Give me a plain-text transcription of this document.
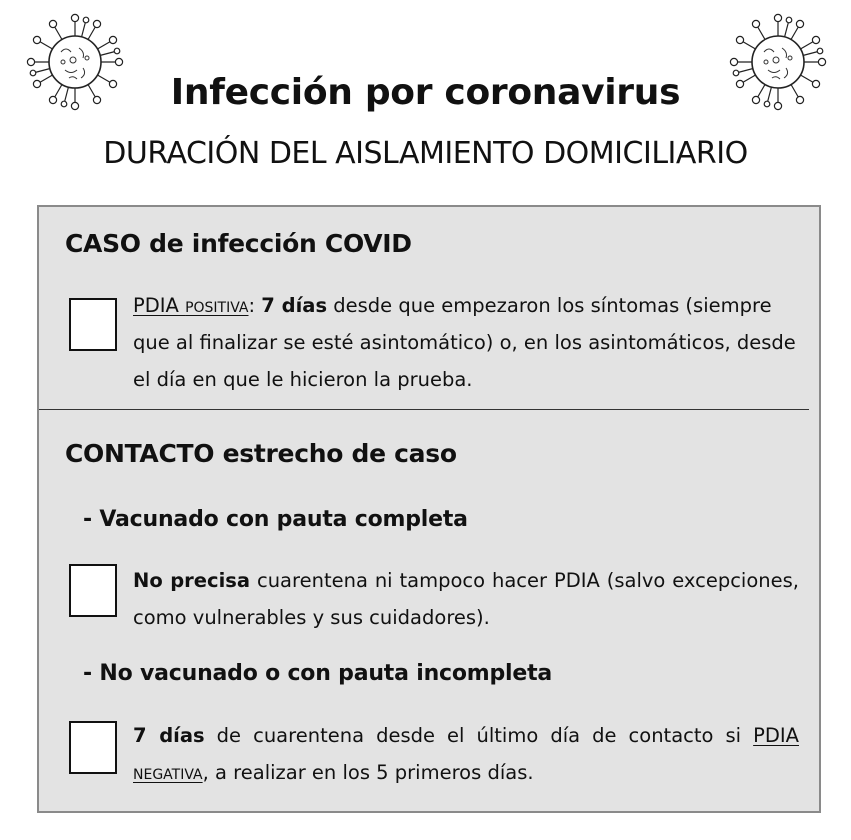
Infección por coronavirus
DURACIÓN DEL AISLAMIENTO DOMICILIARIO
CASO de infección COVID
PDIA positiva: 7 días desde que empezaron los síntomas (siempre que al finalizar se esté asintomático) o, en los asintomáticos, desde el día en que le hicieron la prueba.
CONTACTO estrecho de caso
- Vacunado con pauta completa
No precisa cuarentena ni tampoco hacer PDIA (salvo excepciones, como vulnerables y sus cuidadores).
- No vacunado o con pauta incompleta
7 días de cuarentena desde el último día de contacto si PDIA negativa, a realizar en los 5 primeros días.
